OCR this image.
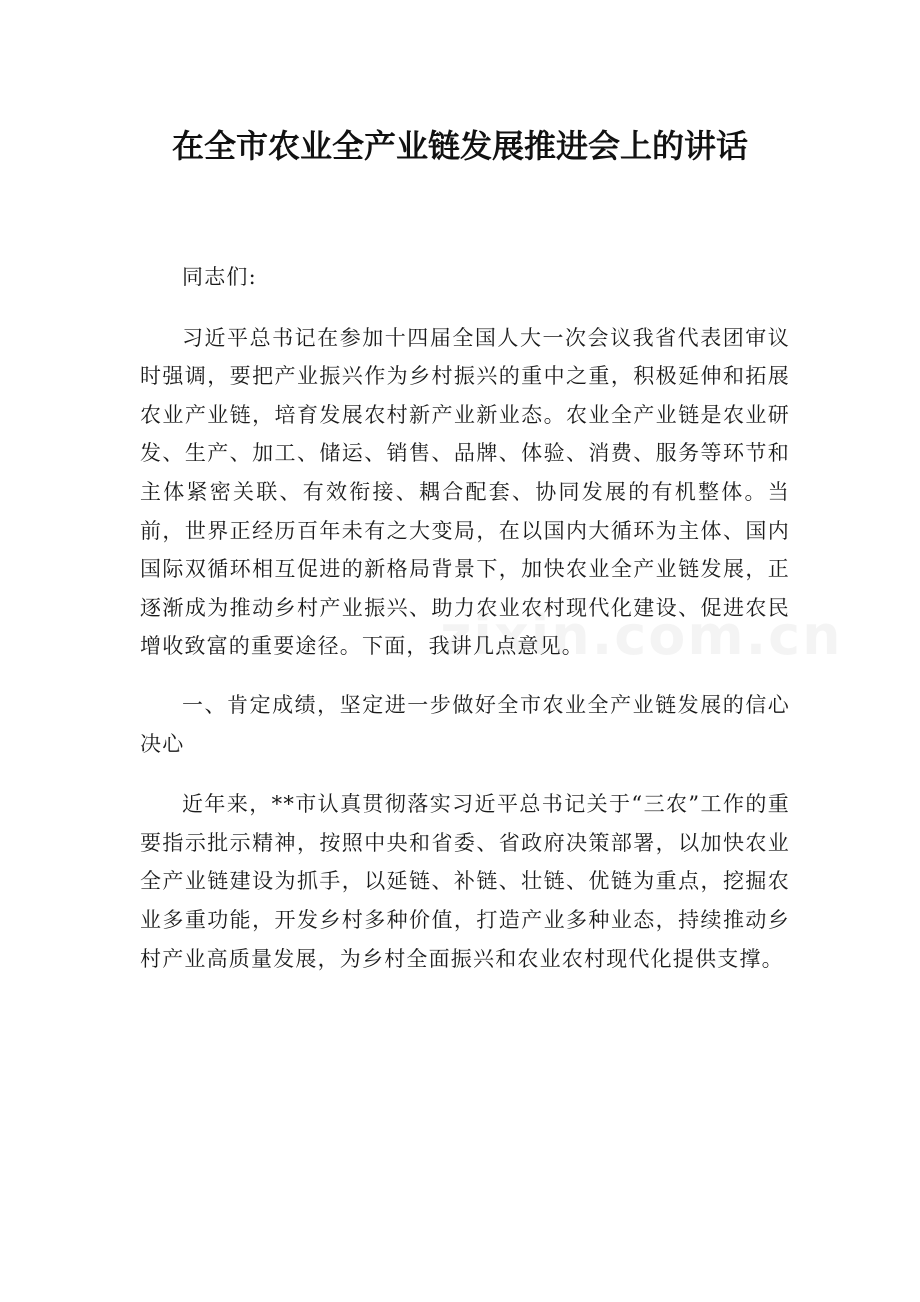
在全市农业全产业链发展推进会上的讲话

同志们:

习近平总书记在参加十四届全国人大一次会议我省代表团审议时强调，要把产业振兴作为乡村振兴的重中之重，积极延伸和拓展农业产业链，培育发展农村新产业新业态。农业全产业链是农业研发、生产、加工、储运、销售、品牌、体验、消费、服务等环节和主体紧密关联、有效衔接、耦合配套、协同发展的有机整体。当前，世界正经历百年未有之大变局，在以国内大循环为主体、国内国际双循环相互促进的新格局背景下，加快农业全产业链发展，正逐渐成为推动乡村产业振兴、助力农业农村现代化建设、促进农民增收致富的重要途径。下面，我讲几点意见。

一、肯定成绩，坚定进一步做好全市农业全产业链发展的信心决心

近年来，**市认真贯彻落实习近平总书记关于“三农”工作的重要指示批示精神，按照中央和省委、省政府决策部署，以加快农业全产业链建设为抓手，以延链、补链、壮链、优链为重点，挖掘农业多重功能，开发乡村多种价值，打造产业多种业态，持续推动乡村产业高质量发展，为乡村全面振兴和农业农村现代化提供支撑。
